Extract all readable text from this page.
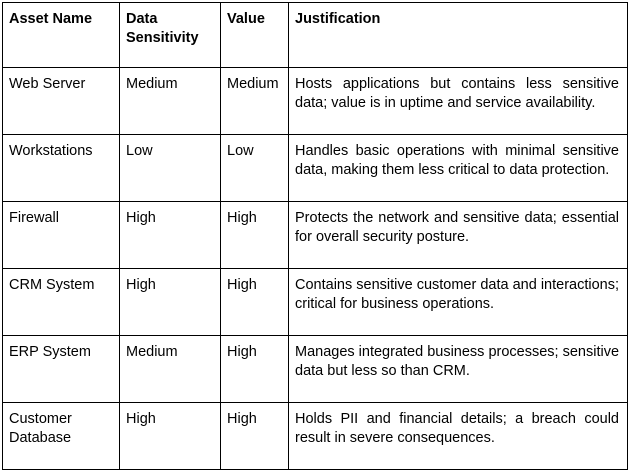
Asset Name	Data Sensitivity	Value	Justification
Web Server	Medium	Medium	Hosts applications but contains less sensitive data; value is in uptime and service availability.
Workstations	Low	Low	Handles basic operations with minimal sensitive data, making them less critical to data protection.
Firewall	High	High	Protects the network and sensitive data; essential for overall security posture.
CRM System	High	High	Contains sensitive customer data and interactions; critical for business operations.
ERP System	Medium	High	Manages integrated business processes; sensitive data but less so than CRM.
Customer Database	High	High	Holds PII and financial details; a breach could result in severe consequences.
